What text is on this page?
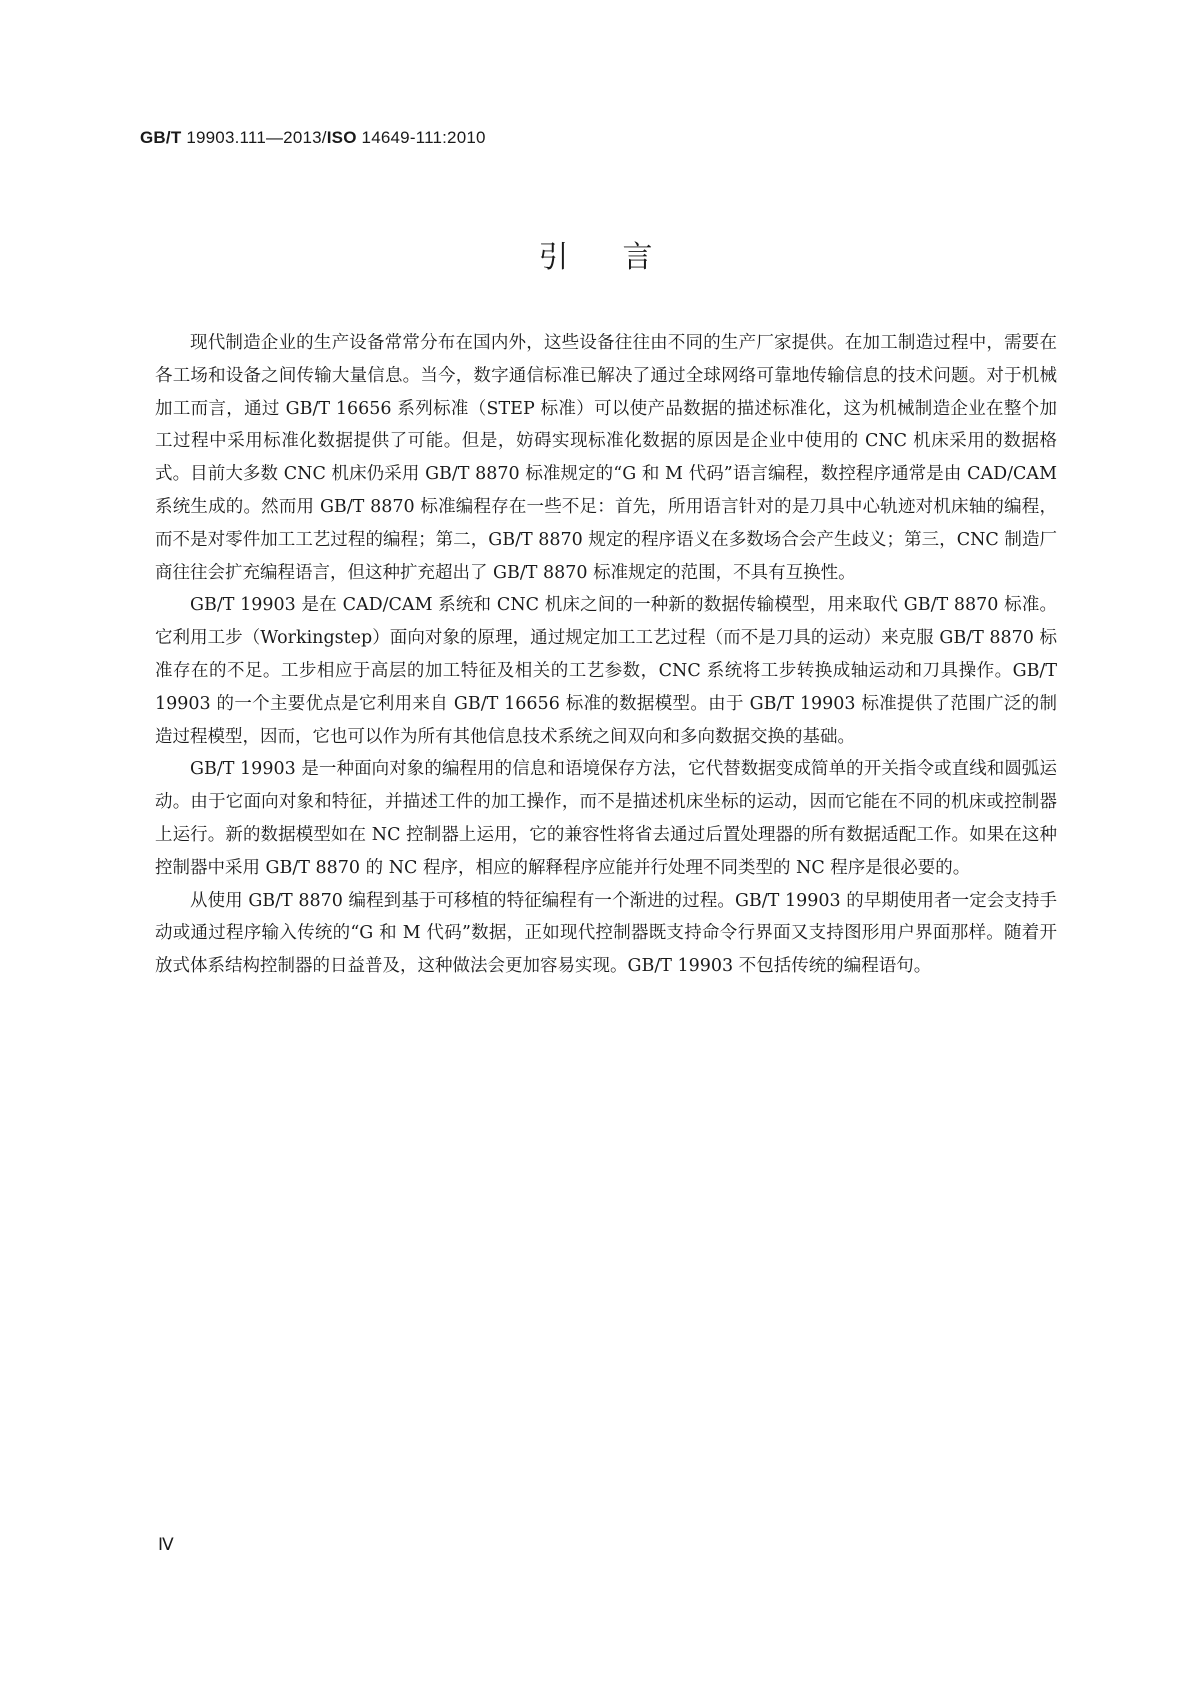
GB/T 19903.111—2013/ISO 14649-111:2010
引言

现代制造企业的生产设备常常分布在国内外，这些设备往往由不同的生产厂家提供。在加工制造过程中，需要在各工场和设备之间传输大量信息。当今，数字通信标准已解决了通过全球网络可靠地传输信息的技术问题。对于机械加工而言，通过 GB/T 16656 系列标准（STEP 标准）可以使产品数据的描述标准化，这为机械制造企业在整个加工过程中采用标准化数据提供了可能。但是，妨碍实现标准化数据的原因是企业中使用的 CNC 机床采用的数据格式。目前大多数 CNC 机床仍采用 GB/T 8870 标准规定的“G 和 M 代码”语言编程，数控程序通常是由 CAD/CAM 系统生成的。然而用 GB/T 8870 标准编程存在一些不足：首先，所用语言针对的是刀具中心轨迹对机床轴的编程，而不是对零件加工工艺过程的编程；第二，GB/T 8870 规定的程序语义在多数场合会产生歧义；第三，CNC 制造厂商往往会扩充编程语言，但这种扩充超出了 GB/T 8870 标准规定的范围，不具有互换性。

GB/T 19903 是在 CAD/CAM 系统和 CNC 机床之间的一种新的数据传输模型，用来取代 GB/T 8870 标准。它利用工步（Workingstep）面向对象的原理，通过规定加工工艺过程（而不是刀具的运动）来克服 GB/T 8870 标准存在的不足。工步相应于高层的加工特征及相关的工艺参数，CNC 系统将工步转换成轴运动和刀具操作。GB/T 19903 的一个主要优点是它利用来自 GB/T 16656 标准的数据模型。由于 GB/T 19903 标准提供了范围广泛的制造过程模型，因而，它也可以作为所有其他信息技术系统之间双向和多向数据交换的基础。

GB/T 19903 是一种面向对象的编程用的信息和语境保存方法，它代替数据变成简单的开关指令或直线和圆弧运动。由于它面向对象和特征，并描述工件的加工操作，而不是描述机床坐标的运动，因而它能在不同的机床或控制器上运行。新的数据模型如在 NC 控制器上运用，它的兼容性将省去通过后置处理器的所有数据适配工作。如果在这种控制器中采用 GB/T 8870 的 NC 程序，相应的解释程序应能并行处理不同类型的 NC 程序是很必要的。

从使用 GB/T 8870 编程到基于可移植的特征编程有一个渐进的过程。GB/T 19903 的早期使用者一定会支持手动或通过程序输入传统的“G 和 M 代码”数据，正如现代控制器既支持命令行界面又支持图形用户界面那样。随着开放式体系结构控制器的日益普及，这种做法会更加容易实现。GB/T 19903 不包括传统的编程语句。

Ⅳ
